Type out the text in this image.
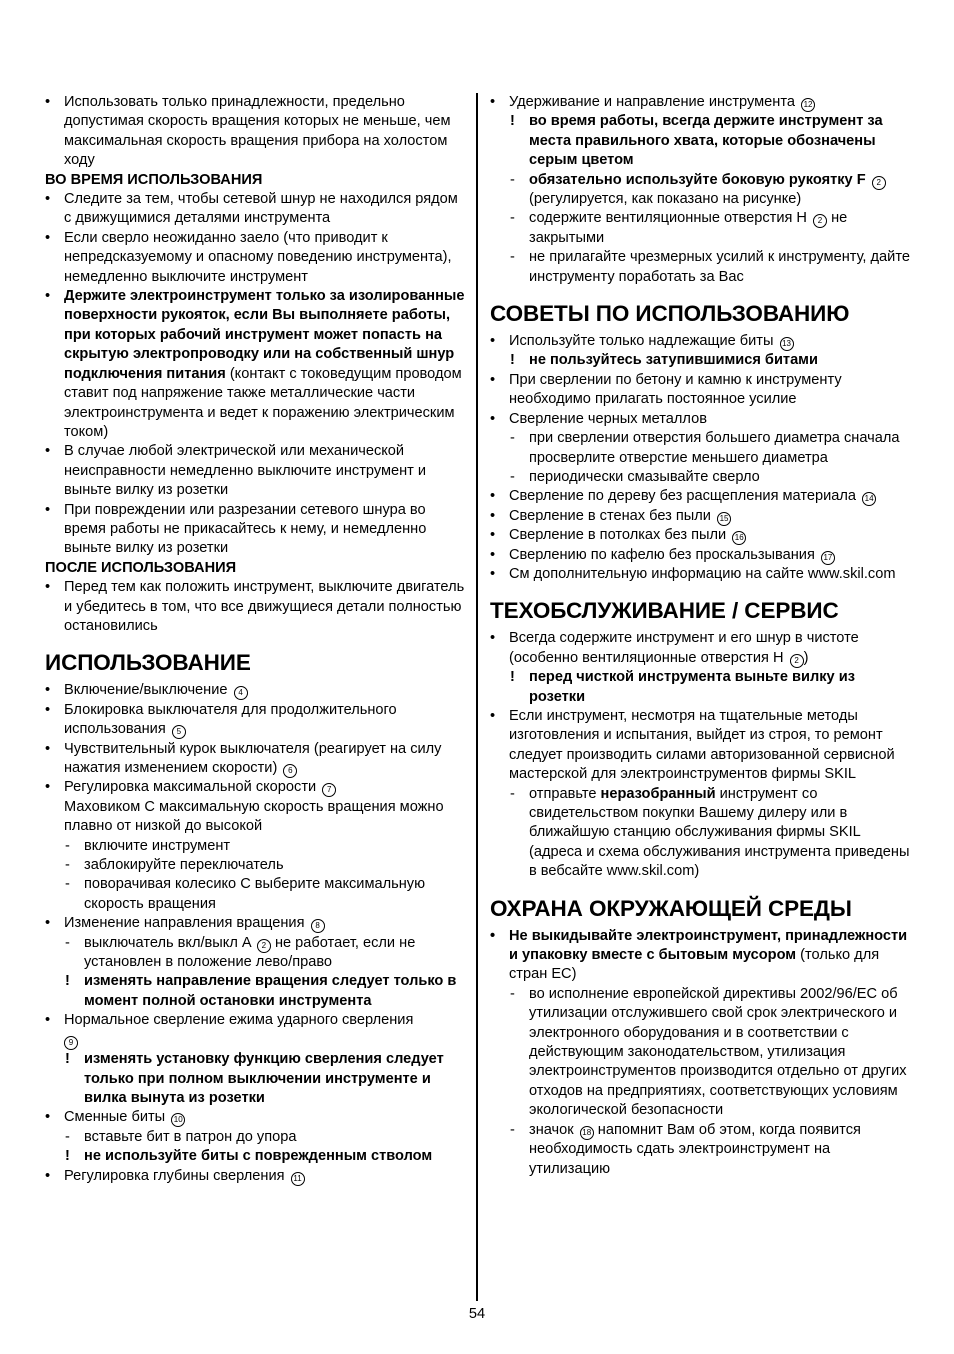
• Использовать только принадлежности, предельно допустимая скорость вращения которых не меньше, чем максимальная скорость вращения прибора на холостом ходу
ВО ВРЕМЯ ИСПОЛЬЗОВАНИЯ
• Следите за тем, чтобы сетевой шнур не находился рядом с движущимися деталями инструмента
• Если сверло неожиданно заело (что приводит к непредсказуемому и опасному поведению инструмента), немедленно выключите инструмент
• Держите электроинструмент только за изолированные поверхности рукояток, если Вы выполняете работы, при которых рабочий инструмент может попасть на скрытую электропроводку или на собственный шнур подключения питания (контакт с токоведущим проводом ставит под напряжение также металлические части электроинструмента и ведет к поражению электрическим током)
• В случае любой электрической или механической неисправности немедленно выключите инструмент и выньте вилку из розетки
• При повреждении или разрезании сетевого шнура во время работы не прикасайтесь к нему, и немедленно выньте вилку из розетки
ПОСЛЕ ИСПОЛЬЗОВАНИЯ
• Перед тем как положить инструмент, выключите двигатель и убедитесь в том, что все движущиеся детали полностью остановились
ИСПОЛЬЗОВАНИЕ
• Включение/выключение 4
• Блокировка выключателя для продолжительного использования 5
• Чувствительный курок выключателя (реагирует на силу нажатия изменением скорости) 6
• Регулировка максимальной скорости 7
Маховиком C максимальную скорость вращения можно плавно от низкой до высокой
- включите инструмент
- заблокируйте переключатель
- поворачивая колесико C выберите максимальную скорость вращения
• Изменение направления вращения 8
- выключатель вкл/выкл A 2 не работает, если не установлен в положение лево/право
! изменять направление вращения следует только в момент полной остановки инструмента
• Нормальное сверление ежима ударного сверления
9
! изменять установку функцию сверления следует только при полном выключении инструменте и вилка вынута из розетки
• Сменные биты 10
- вставьте бит в патрон до упора
! не используйте биты с поврежденным стволом
• Регулировка глубины сверления 11
• Удерживание и направление инструмента 12
! во время работы, всегда держите инструмент за места правильного хвата, которые обозначены серым цветом
- обязательно используйте боковую рукоятку F 2 (регулируется, как показано на рисунке)
- содержите вентиляционные отверстия H 2 не закрытыми
- не прилагайте чрезмерных усилий к инструменту, дайте инструменту поработать за Вас
СОВЕТЫ ПО ИСПОЛЬЗОВАНИЮ
• Используйте только надлежащие биты 13
! не пользуйтесь затупившимися битами
• При сверлении по бетону и камню к инструменту необходимо прилагать постоянное усилие
• Сверление черных металлов
- при сверлении отверстия большего диаметра сначала просверлите отверстие меньшего диаметра
- периодически смазывайте сверло
• Сверление по дереву без расщепления материала 14
• Сверление в стенах без пыли 15
• Сверление в потолках без пыли 16
• Сверлению по кафелю без проскальзывания 17
• См дополнительную информацию на сайте www.skil.com
ТЕХОБСЛУЖИВАНИЕ / СЕРВИС
• Всегда содержите инструмент и его шнур в чистоте (особенно вентиляционные отверстия H 2 )
! перед чисткой инструмента выньте вилку из розетки
• Если инструмент, несмотря на тщательные методы изготовления и испытания, выйдет из строя, то ремонт следует производить силами авторизованной сервисной мастерской для электроинструментов фирмы SKIL
- отправьте неразобранный инструмент со свидетельством покупки Вашему дилеру или в ближайшую станцию обслуживания фирмы SKIL (адреса и схема обслуживания инструмента приведены в вебсайте www.skil.com)
ОХРАНА ОКРУЖАЮЩЕЙ СРЕДЫ
• Не выкидывайте электроинструмент, принадлежности и упаковку вместе с бытовым мусором (только для стран ЕС)
- во исполнение европейской директивы 2002/96/ЕС об утилизации отслужившего свой срок электрического и электронного оборудования и в соответствии с действующим законодательством, утилизация электроинструментов производится отдельно от других отходов на предприятиях, соответствующих условиям экологической безопасности
- значок 18 напомнит Вам об этом, когда появится необходимость сдать электроинструмент на утилизацию
54
